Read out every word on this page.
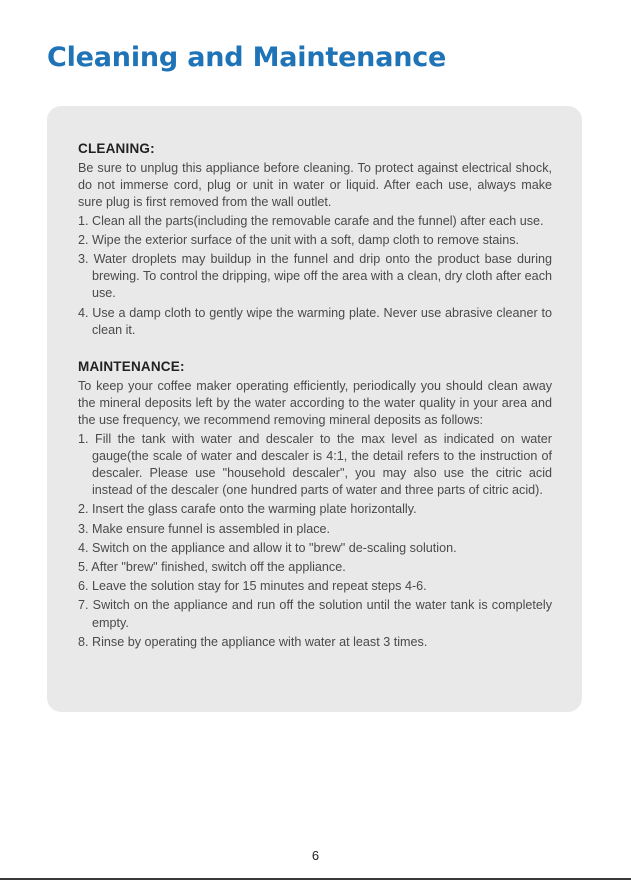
Cleaning and Maintenance
CLEANING:

Be sure to unplug this appliance before cleaning. To protect against electrical shock, do not immerse cord, plug or unit in water or liquid. After each use, always make sure plug is first removed from the wall outlet.

1. Clean all the parts(including the removable carafe and the funnel) after each use.
2. Wipe the exterior surface of the unit with a soft, damp cloth to remove stains.
3. Water droplets may buildup in the funnel and drip onto the product base during brewing. To control the dripping, wipe off the area with a clean, dry cloth after each use.
4. Use a damp cloth to gently wipe the warming plate. Never use abrasive cleaner to clean it.
MAINTENANCE:

To keep your coffee maker operating efficiently, periodically you should clean away the mineral deposits left by the water according to the water quality in your area and the use frequency, we recommend removing mineral deposits as follows:

1. Fill the tank with water and descaler to the max level as indicated on water gauge(the scale of water and descaler is 4:1, the detail refers to the instruction of descaler. Please use "household descaler", you may also use the citric acid instead of the descaler (one hundred parts of water and three parts of citric acid).
2. Insert the glass carafe onto the warming plate horizontally.
3. Make ensure funnel is assembled in place.
4. Switch on the appliance and allow it to "brew" de-scaling solution.
5. After "brew" finished, switch off the appliance.
6. Leave the solution stay for 15 minutes and repeat steps 4-6.
7. Switch on the appliance and run off the solution until the water tank is completely empty.
8. Rinse by operating the appliance with water at least 3 times.
6
